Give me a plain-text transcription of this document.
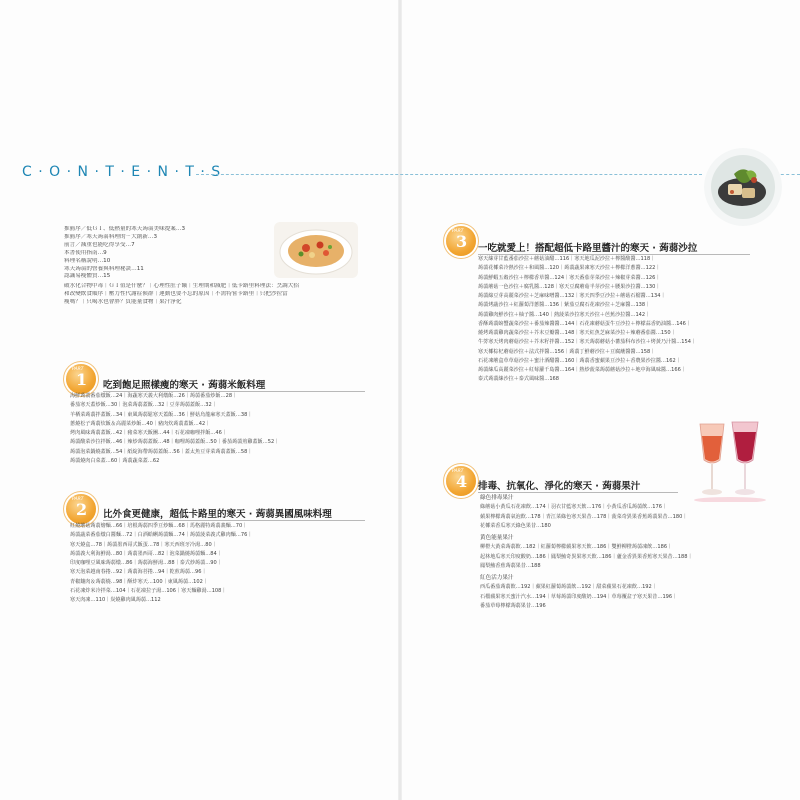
C · O · N · T · E · N · T · S
推薦序／低ＧＩ、低熱量的寒天蒟蒻美味提案…3
推薦序／寒天蒟蒻料理的ㄧ大創新…3
前言／減重也能吃得享受…7
本書使用指南…9
料理名稱說明…10
寒天蒟蒻的營養與料理秘訣…11
認識易瘦體質…15
破水化合物中毒｜ＧＩ值是什麼？｜心理性肚子餓｜生理期和減肥｜低卡路里料理法：烹調大招
和改變飲食順序｜壓力性代謝症候群｜運動也要不忘的原因｜不需特嘗卡路里｜只把沙拉當
瘦嗎？｜只喝水也會胖？負能量食物｜果汁淨化
PART
1 吃到飽足照樣瘦的寒天 · 蒟蒻米飯料理
海鮮蒟蒻番茄燉飯…24｜海蔬寒天義大利燉飯…26｜蒟蒻番茄炒飯…28｜
番茄寒天蓋炒飯…30｜泡菜蒟蒻蓋飯…32｜豆芽蒟蒻蓋飯…32｜
羊栖菜蒟蒻拌蓋飯…34｜東風蒟蒻鬆寒天蓋飯…36｜鮮菇烏龍麻寒天蓋飯…38｜
蔥燒松子蒟蒻炊飯＆高麗菜炒飯…40｜豬肉炊蒟蒻蓋飯…42｜
烤肉風味蒟蒻蓋飯…42｜豬菜寒天飯團…44｜石花凍咖哩拌飯…46｜
蒟蒻酸菜沙拉拌飯…46｜辣炒蒟蒻蓋飯…48｜咖哩蒟蒻蓋飯…50｜番茄蒟蒻煎雞蓋飯…52｜
蒟蒻泡菜鍋燒蓋飯…54｜紙綻海帶蒟蒻蓋飯…56｜蓋太魚豆芽菜蒟蒻蓋飯…58｜
蒟蒻燒肉白菜蓋…60｜蒟蒻蔬菜蓋…62
PART
2 比外食更健康，超低卡路里的寒天 · 蒟蒻異國風味料理
紅燒蘑菇蒟蒻燴麵…66｜培根蒟蒻四季豆炒麵…68｜馬格麗特蒟蒻義麵…70｜
蒟蒻蔬菜番茄燉白醬麵…72｜白酒蛤蜊蒟蒻麵…74｜蒟蒻菠菜義式雞肉麵…76｜
寒天燒盒…78｜蒟蒻墨西哥式飯蛋…78｜寒天西班牙冷湯…80｜
蒟蒻義大利海鮮湯…80｜蒟蒻墨西哥…82｜泡菜鍋燒蒟蒻麵…84｜
印度咖哩豆風味蒟蒻燉…86｜蒟蒻海鮮湯…88｜泰式炒蒟蒻…90｜
寒天泡菜越南春捲…92｜蒟蒻海苔捲…94｜乾煎蒟蒻…96｜
青椒鑲肉＆蒟蒻燒…98｜酥炸寒天…100｜東風蒟蒻…102｜
石花凍炸米冷拌菜…104｜石花凍拉子湯…106｜寒天麵雞湯…108｜
寒天肉凍…110｜炭燒雞肉風蒟蒻…112
PART
3 一吃就愛上！搭配超低卡路里醬汁的寒天 · 蒟蒻沙拉
寒天絲芽甘藍番茄沙拉＋蘑菇油醋…116｜寒天地瓜泥沙拉＋檸醬酸醬…118｜
蒟蒻花椰菜冷熱沙拉＋和風醬…120｜蒟蒻蔬果凍寒天沙拉＋檸檬洋蔥醬…122｜
蒟蒻鮮蝦五穀沙拉＋檸檬香草醬…124｜寒天番茄芽菜沙拉＋辣椒芽菜醬…126｜
蒟蒻蘑菇一色沙拉＋腐乳醬…128｜寒天豆腐蘑菇半芽沙拉＋腰果沙拉醬…130｜
蒟蒻綠豆芽高麗菜沙拉＋芝麻味噌醬…132｜寒天四季豆沙拉＋蘑菇石榴醬…134｜
蒟蒻烤蔬沙拉＋紅蘿蔔洋蔥醬…136｜紫茄豆腐石花凍沙拉＋芝麻醬…138｜
蒟蒻雞肉鮮沙拉＋柚子醬…140｜熱菠菜沙拉寒天沙拉＋芭蕉沙拉醬…142｜
香酥蒟蒻螃蟹蔬菜沙拉＋番茄辣醬醬…144｜石花凍蘑菇蛋牛豆沙拉＋檸檬蒜香奶油醬…146｜
燒烤蒟蒻雞肉蔬菜沙拉＋芥末豆瓣醬…148｜寒天紅魚芝麻菜沙拉＋辣蘑番茄醬…150｜
牛蒡寒天烤肉蘑菇沙拉＋芥末籽拌醬…152｜寒天蒟蒻蘑菇小蕃茄科布沙拉＋烤黃乃汁醬…154｜
寒天椰棕杞蘑菇沙拉＋法式拌醬…156｜蒟蒻丁鮮蘑沙拉＋豆腐蘸醬醬…158｜
石花凍蘑盒草草菇沙拉＋蜜汁酒醋醬…160｜蒟蒻香蜜蘋果豆沙拉＋香農果沙拉醬…162｜
蒟蒻絲瓜高麗菜沙拉＋紅莓蘿千島醬…164｜熱炒菠菜蒟蒻蘑菇沙拉＋地中海風味醬…166｜
泰式蒟蒻絲沙拉＋泰式風味醬…168
PART
4 排毒、抗氧化、淨化的寒天 · 蒟蒻果汁
綠色排毒果汁
綠蘑菇小黃瓜石花凍飲…174｜羽衣甘藍寒天飲…176｜小黃瓜香瓜蒟蒻飲…176｜
蘋果檸檬蒟蒻氣泡飲…178｜青江菜綠色寒天果昔…178｜菠菜奇異果香蕉蒟蒻果昔…180｜
花椰菜香瓜寒天綠色果昔…180
黃色能量果汁
柳橙大黃菜蒟蒻飲…182｜紅蘿蔔檸檬蘋果寒天飲…186｜雙鮮柳橙蒟蒻凍飲…186｜
起林地瓜寒天印度酸奶…186｜鳳梨鮪奇異果寒天飲…186｜蘆金香異果香蕉寒天果昔…188｜
鳳梨鮪香蕉蒟蒻果昔…188
紅色活力果汁
西瓜番茄蒟蒻飲…192｜蘋果紅蘿蔔蒟蒻飲…192｜甜菜蘋果石花凍飲…192｜
石榴蘋果寒天蜜汁汽水…194｜草莓蒟蒻印度酸奶…194｜草莓覆盆子寒天果昔…196｜
番茄草莓檸檬蒟蒻果昔…196
